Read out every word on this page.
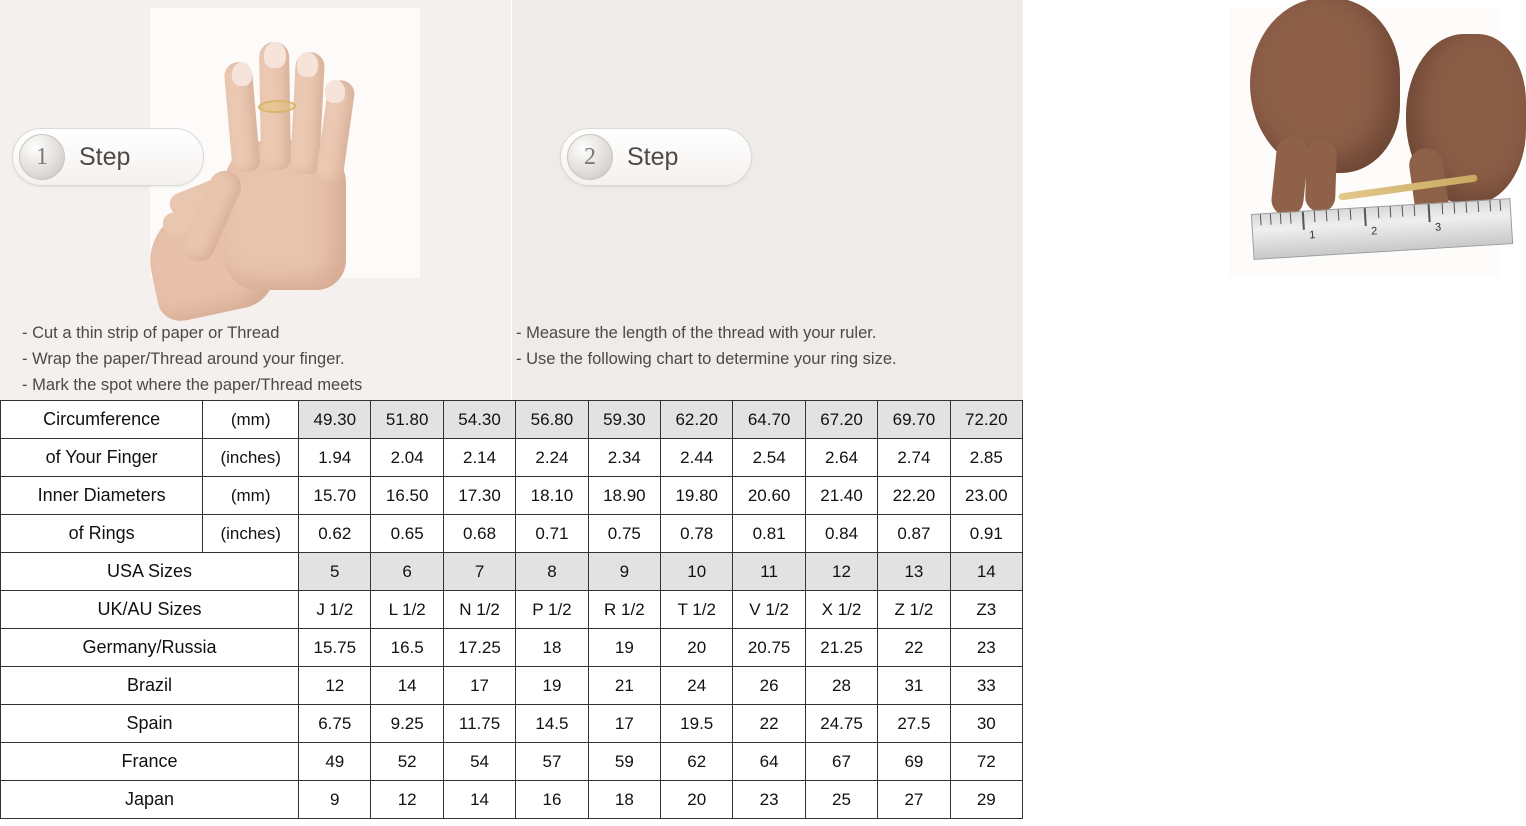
1	2	3
1	Step	2	Step
- Cut a thin strip of paper or Thread
- Wrap the paper/Thread around your finger.
- Mark the spot where the paper/Thread meets
- Measure the length of the thread with your ruler.
- Use the following chart to determine your ring size.
Circumference	(mm)	49.30	51.80	54.30	56.80	59.30	62.20	64.70	67.20	69.70	72.20
of Your Finger	(inches)	1.94	2.04	2.14	2.24	2.34	2.44	2.54	2.64	2.74	2.85
Inner Diameters	(mm)	15.70	16.50	17.30	18.10	18.90	19.80	20.60	21.40	22.20	23.00
of Rings	(inches)	0.62	0.65	0.68	0.71	0.75	0.78	0.81	0.84	0.87	0.91
USA Sizes		5	6	7	8	9	10	11	12	13	14
UK/AU Sizes		J 1/2	L 1/2	N 1/2	P 1/2	R 1/2	T 1/2	V 1/2	X 1/2	Z 1/2	Z3
Germany/Russia		15.75	16.5	17.25	18	19	20	20.75	21.25	22	23
Brazil		12	14	17	19	21	24	26	28	31	33
Spain		6.75	9.25	11.75	14.5	17	19.5	22	24.75	27.5	30
France		49	52	54	57	59	62	64	67	69	72
Japan		9	12	14	16	18	20	23	25	27	29
